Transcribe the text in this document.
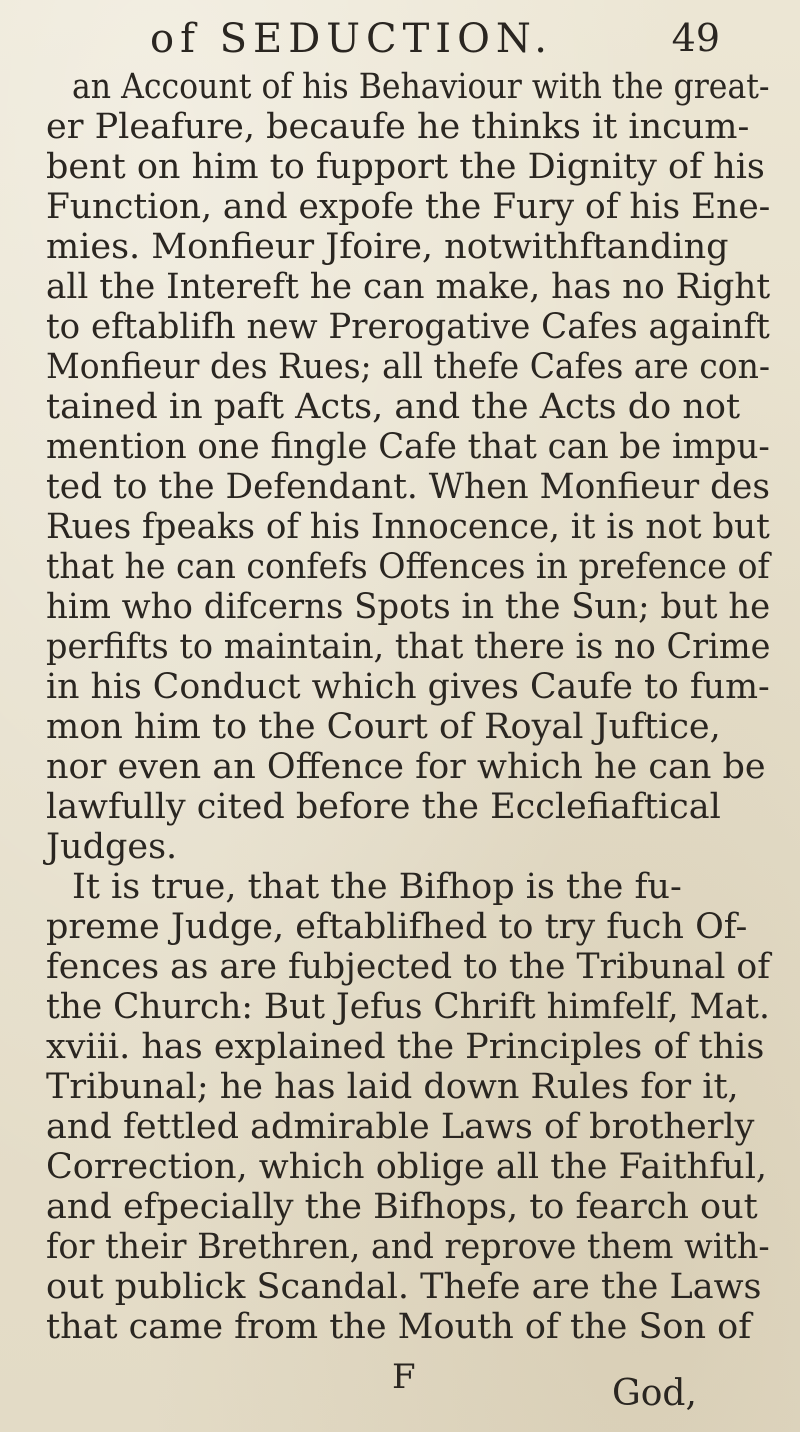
of SEDUCTION.	49
an Account of his Behaviour with the great-
er Pleafure, becaufe he thinks it incum-
bent on him to fupport the Dignity of his
Function, and expofe the Fury of his Ene-
mies. Monfieur Jfoire, notwithftanding
all the Intereft he can make, has no Right
to eftablifh new Prerogative Cafes againft
Monfieur des Rues; all thefe Cafes are con-
tained in paft Acts, and the Acts do not
mention one fingle Cafe that can be impu-
ted to the Defendant. When Monfieur des
Rues fpeaks of his Innocence, it is not but
that he can confefs Offences in prefence of
him who difcerns Spots in the Sun; but he
perfifts to maintain, that there is no Crime
in his Conduct which gives Caufe to fum-
mon him to the Court of Royal Juftice,
nor even an Offence for which he can be
lawfully cited before the Ecclefiaftical
Judges.
It is true, that the Bifhop is the fu-
preme Judge, eftablifhed to try fuch Of-
fences as are fubjected to the Tribunal of
the Church: But Jefus Chrift himfelf, Mat.
xviii. has explained the Principles of this
Tribunal; he has laid down Rules for it,
and fettled admirable Laws of brotherly
Correction, which oblige all the Faithful,
and efpecially the Bifhops, to fearch out
for their Brethren, and reprove them with-
out publick Scandal. Thefe are the Laws
that came from the Mouth of the Son of
F	God,
